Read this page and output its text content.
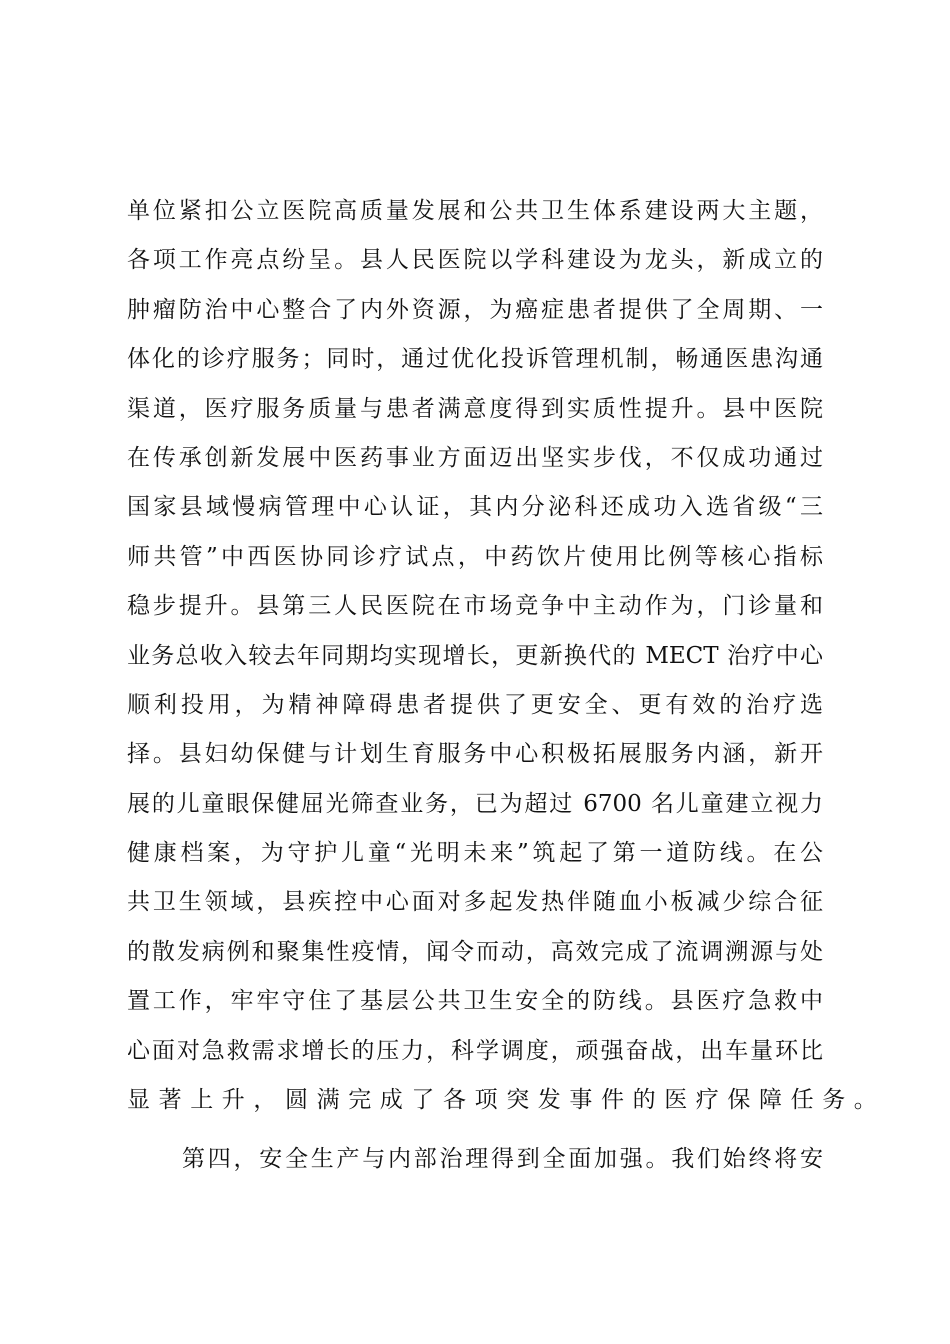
单位紧扣公立医院高质量发展和公共卫生体系建设两大主题，
各项工作亮点纷呈。县人民医院以学科建设为龙头，新成立的
肿瘤防治中心整合了内外资源，为癌症患者提供了全周期、一
体化的诊疗服务；同时，通过优化投诉管理机制，畅通医患沟通
渠道，医疗服务质量与患者满意度得到实质性提升。县中医院
在传承创新发展中医药事业方面迈出坚实步伐，不仅成功通过
国家县域慢病管理中心认证，其内分泌科还成功入选省级“三
师共管”中西医协同诊疗试点，中药饮片使用比例等核心指标
稳步提升。县第三人民医院在市场竞争中主动作为，门诊量和
业务总收入较去年同期均实现增长，更新换代的 MECT 治疗中心
顺利投用，为精神障碍患者提供了更安全、更有效的治疗选
择。县妇幼保健与计划生育服务中心积极拓展服务内涵，新开
展的儿童眼保健屈光筛查业务，已为超过 6700 名儿童建立视力
健康档案，为守护儿童“光明未来”筑起了第一道防线。在公
共卫生领域，县疾控中心面对多起发热伴随血小板减少综合征
的散发病例和聚集性疫情，闻令而动，高效完成了流调溯源与处
置工作，牢牢守住了基层公共卫生安全的防线。县医疗急救中
心面对急救需求增长的压力，科学调度，顽强奋战，出车量环比
显著上升，圆满完成了各项突发事件的医疗保障任务。
第四，安全生产与内部治理得到全面加强。我们始终将安
